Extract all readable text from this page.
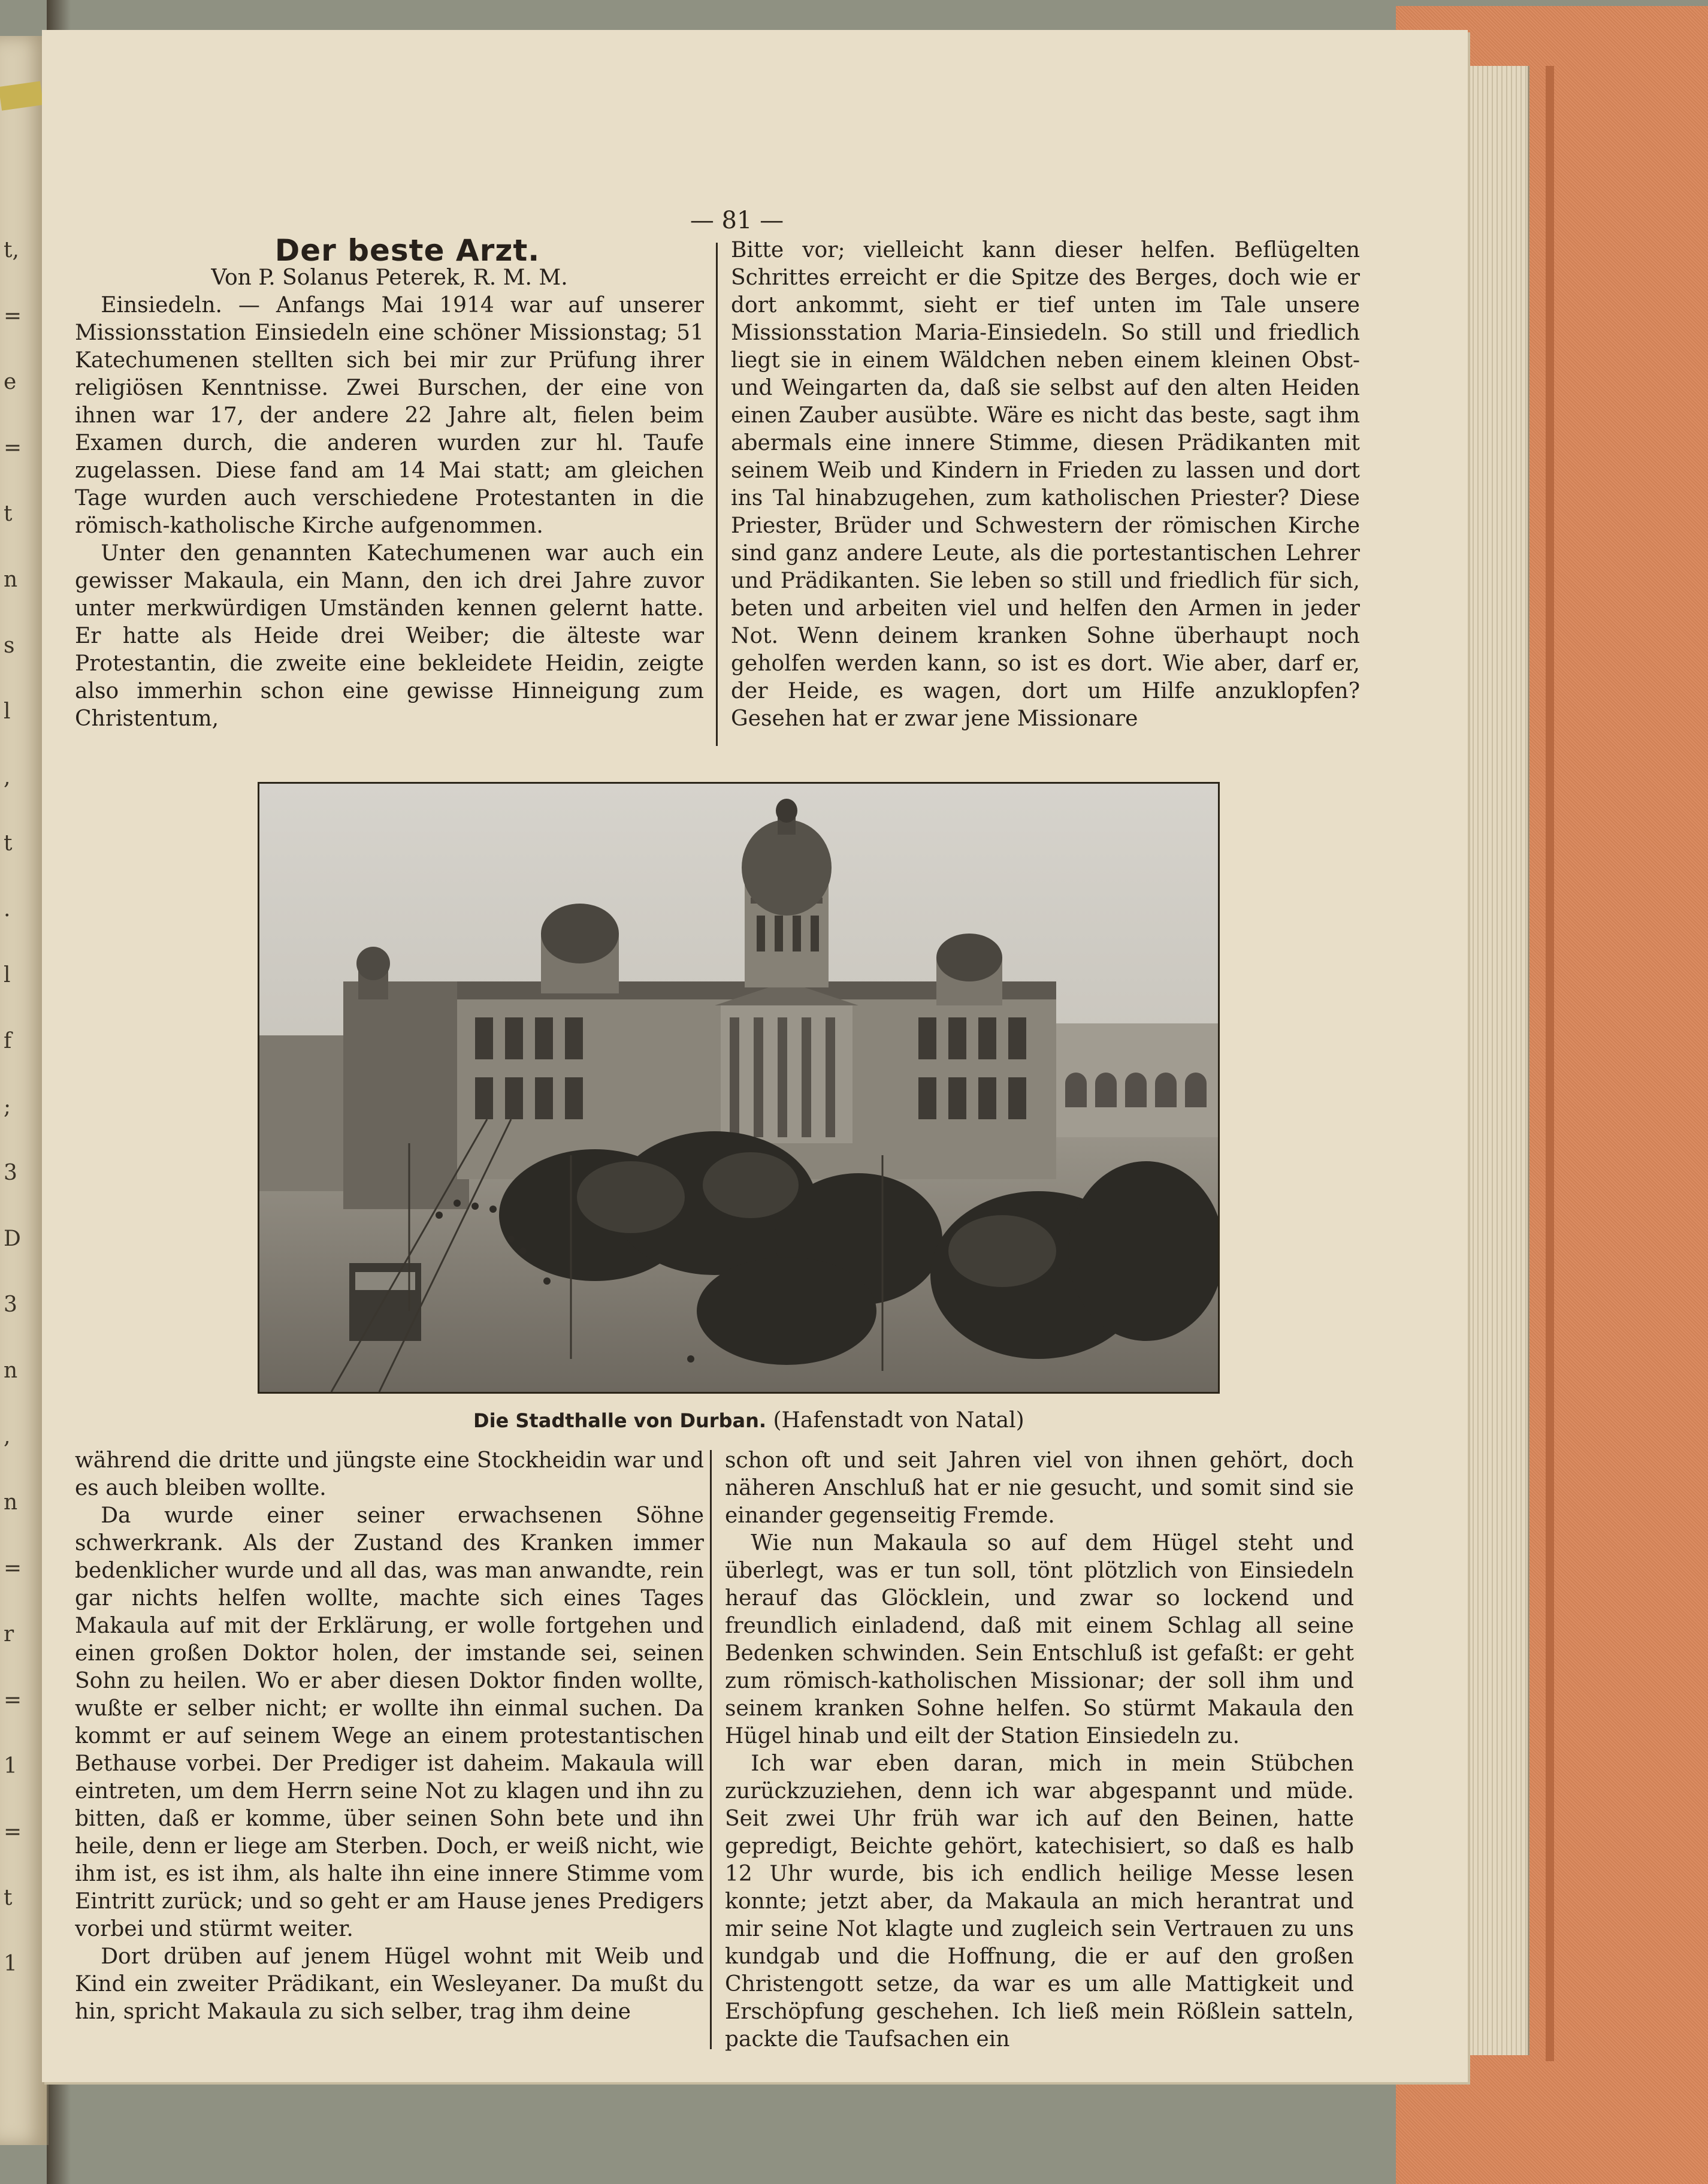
t,
=
e
=
t
n
s
l
,
t
.
l
f
;
3
D
3
n
,
n
=
r
=
1
=
t
1
— 81 —

Der beste Arzt.

Von P. Solanus Peterek, R. M. M.

Einsiedeln. — Anfangs Mai 1914 war auf unserer Missionsstation Einsiedeln eine schöner Missionstag; 51 Katechumenen stellten sich bei mir zur Prüfung ihrer religiösen Kenntnisse. Zwei Burschen, der eine von ihnen war 17, der andere 22 Jahre alt, fielen beim Examen durch, die anderen wurden zur hl. Taufe zugelassen. Diese fand am 14 Mai statt; am gleichen Tage wurden auch verschiedene Protestanten in die römisch-katholische Kirche aufgenommen.

Unter den genannten Katechumenen war auch ein gewisser Makaula, ein Mann, den ich drei Jahre zuvor unter merkwürdigen Umständen kennen gelernt hatte. Er hatte als Heide drei Weiber; die älteste war Protestantin, die zweite eine bekleidete Heidin, zeigte also immerhin schon eine gewisse Hinneigung zum Christentum,

Bitte vor; vielleicht kann dieser helfen. Beflügelten Schrittes erreicht er die Spitze des Berges, doch wie er dort ankommt, sieht er tief unten im Tale unsere Missionsstation Maria-Einsiedeln. So still und friedlich liegt sie in einem Wäldchen neben einem kleinen Obst- und Weingarten da, daß sie selbst auf den alten Heiden einen Zauber ausübte. Wäre es nicht das beste, sagt ihm abermals eine innere Stimme, diesen Prädikanten mit seinem Weib und Kindern in Frieden zu lassen und dort ins Tal hinabzugehen, zum katholischen Priester? Diese Priester, Brüder und Schwestern der römischen Kirche sind ganz andere Leute, als die portestantischen Lehrer und Prädikanten. Sie leben so still und friedlich für sich, beten und arbeiten viel und helfen den Armen in jeder Not. Wenn deinem kranken Sohne überhaupt noch geholfen werden kann, so ist es dort. Wie aber, darf er, der Heide, es wagen, dort um Hilfe anzuklopfen? Gesehen hat er zwar jene Missionare

Die Stadthalle von Durban. (Hafenstadt von Natal)

während die dritte und jüngste eine Stockheidin war und es auch bleiben wollte.

Da wurde einer seiner erwachsenen Söhne schwerkrank. Als der Zustand des Kranken immer bedenklicher wurde und all das, was man anwandte, rein gar nichts helfen wollte, machte sich eines Tages Makaula auf mit der Erklärung, er wolle fortgehen und einen großen Doktor holen, der imstande sei, seinen Sohn zu heilen. Wo er aber diesen Doktor finden wollte, wußte er selber nicht; er wollte ihn einmal suchen. Da kommt er auf seinem Wege an einem protestantischen Bethause vorbei. Der Prediger ist daheim. Makaula will eintreten, um dem Herrn seine Not zu klagen und ihn zu bitten, daß er komme, über seinen Sohn bete und ihn heile, denn er liege am Sterben. Doch, er weiß nicht, wie ihm ist, es ist ihm, als halte ihn eine innere Stimme vom Eintritt zurück; und so geht er am Hause jenes Predigers vorbei und stürmt weiter.

Dort drüben auf jenem Hügel wohnt mit Weib und Kind ein zweiter Prädikant, ein Wesleyaner. Da mußt du hin, spricht Makaula zu sich selber, trag ihm deine

schon oft und seit Jahren viel von ihnen gehört, doch näheren Anschluß hat er nie gesucht, und somit sind sie einander gegenseitig Fremde.

Wie nun Makaula so auf dem Hügel steht und überlegt, was er tun soll, tönt plötzlich von Einsiedeln herauf das Glöcklein, und zwar so lockend und freundlich einladend, daß mit einem Schlag all seine Bedenken schwinden. Sein Entschluß ist gefaßt: er geht zum römisch-katholischen Missionar; der soll ihm und seinem kranken Sohne helfen. So stürmt Makaula den Hügel hinab und eilt der Station Einsiedeln zu.

Ich war eben daran, mich in mein Stübchen zurückzuziehen, denn ich war abgespannt und müde. Seit zwei Uhr früh war ich auf den Beinen, hatte gepredigt, Beichte gehört, katechisiert, so daß es halb 12 Uhr wurde, bis ich endlich heilige Messe lesen konnte; jetzt aber, da Makaula an mich herantrat und mir seine Not klagte und zugleich sein Vertrauen zu uns kundgab und die Hoffnung, die er auf den großen Christengott setze, da war es um alle Mattigkeit und Erschöpfung geschehen. Ich ließ mein Rößlein satteln, packte die Taufsachen ein
